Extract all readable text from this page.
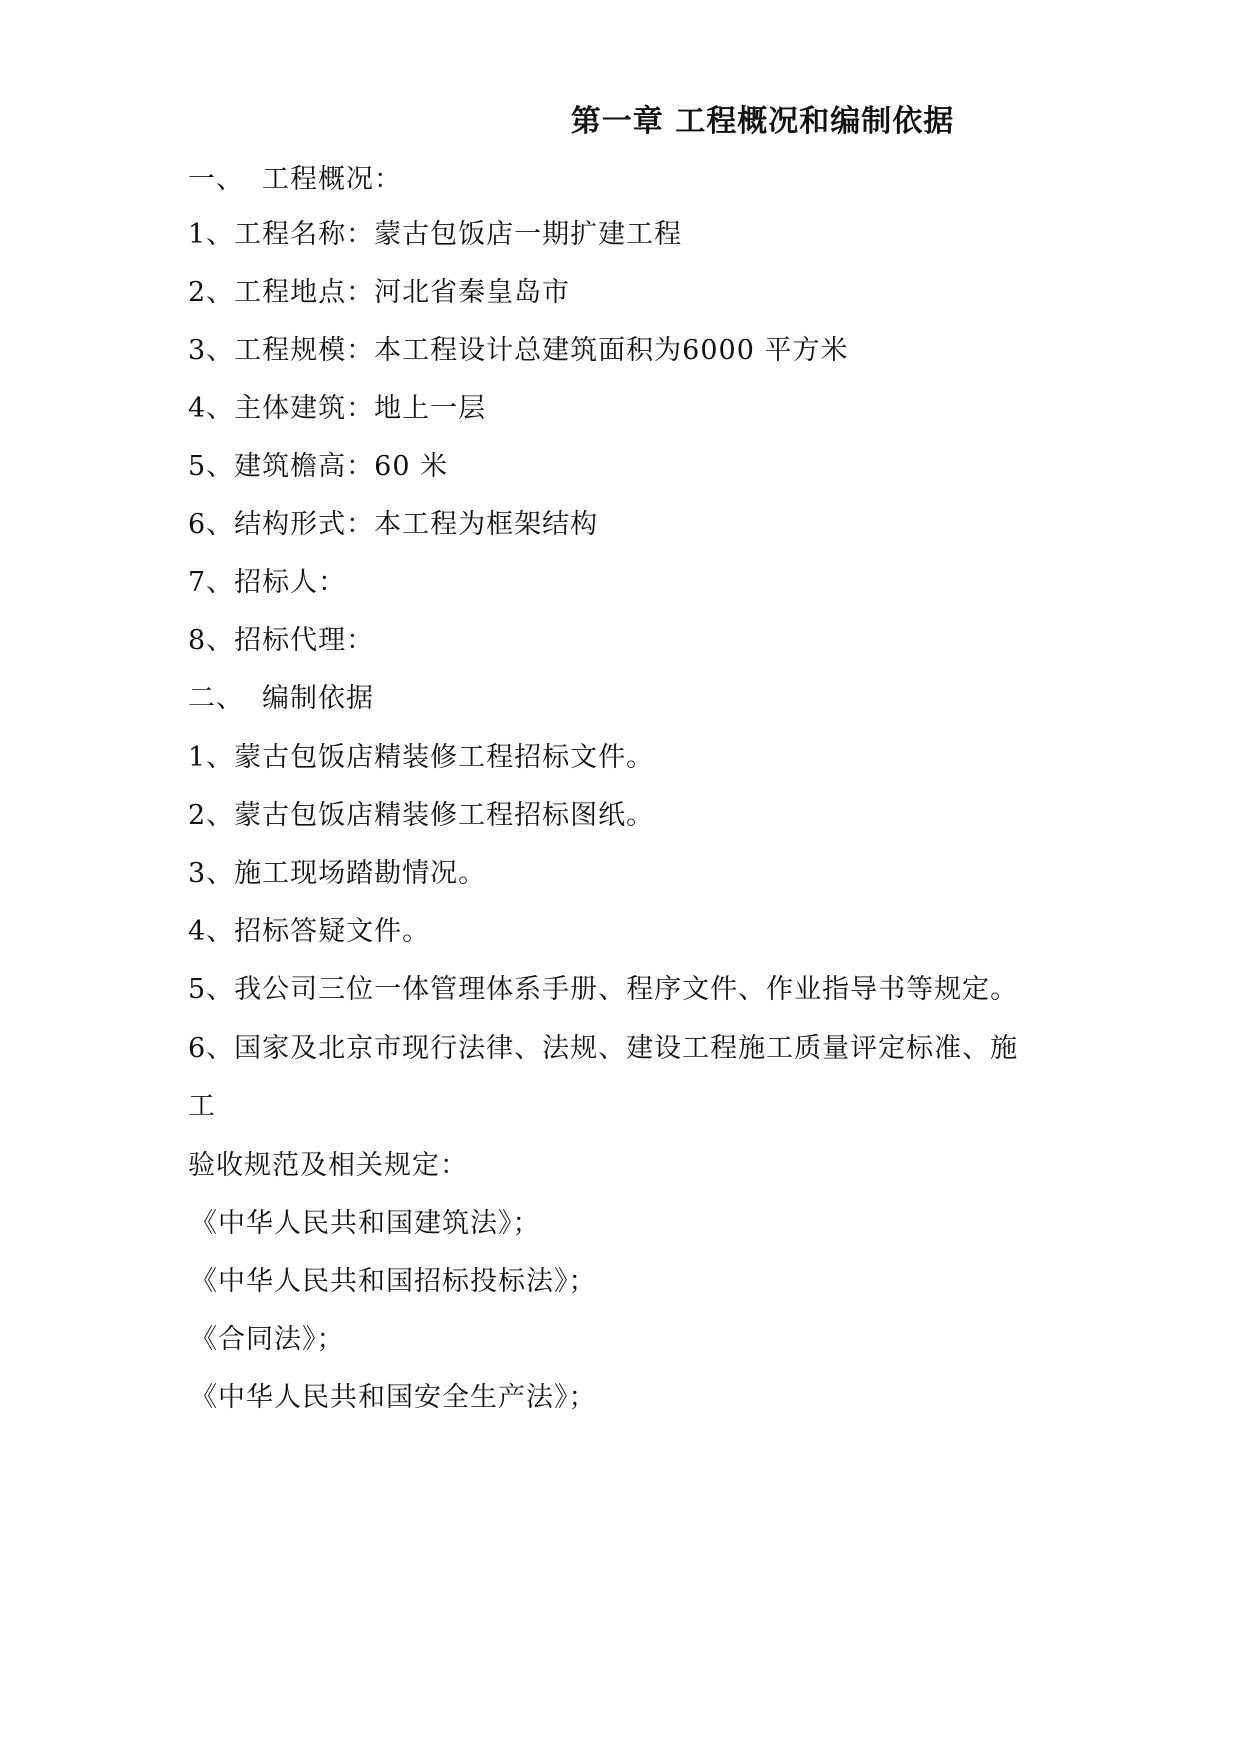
第一章 工程概况和编制依据
一、 工程概况：
1、工程名称：蒙古包饭店一期扩建工程
2、工程地点：河北省秦皇岛市
3、工程规模：本工程设计总建筑面积为6000 平方米
4、主体建筑：地上一层
5、建筑檐高：60 米
6、结构形式：本工程为框架结构
7、招标人：
8、招标代理：
二、 编制依据
1、蒙古包饭店精装修工程招标文件。
2、蒙古包饭店精装修工程招标图纸。
3、施工现场踏勘情况。
4、招标答疑文件。
5、我公司三位一体管理体系手册、程序文件、作业指导书等规定。
6、国家及北京市现行法律、法规、建设工程施工质量评定标准、施
工
验收规范及相关规定：
《中华人民共和国建筑法》；
《中华人民共和国招标投标法》；
《合同法》；
《中华人民共和国安全生产法》；
